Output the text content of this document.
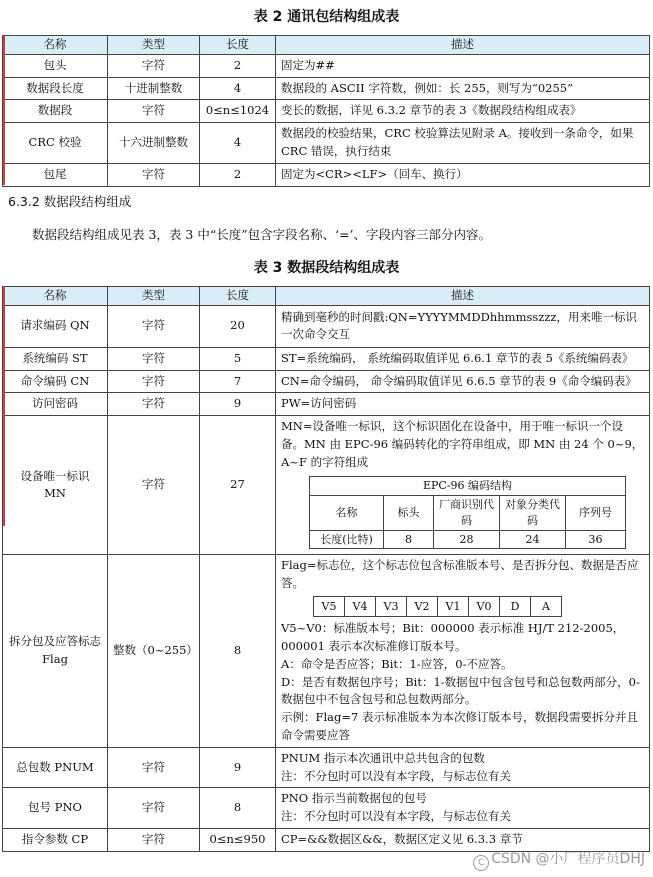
表 2 通讯包结构组成表
名称	类型	长度	描述
包头	字符	2	固定为##
数据段长度	十进制整数	4	数据段的 ASCII 字符数，例如：长 255，则写为“0255”
数据段	字符	0≤n≤1024	变长的数据，详见 6.3.2 章节的表 3《数据段结构组成表》
CRC 校验	十六进制整数	4	数据段的校验结果，CRC 校验算法见附录 A。接收到一条命令，如果 CRC 错误，执行结束
包尾	字符	2	固定为<CR><LF>（回车、换行）
6.3.2 数据段结构组成
数据段结构组成见表 3，表 3 中“长度”包含字段名称、‘=’、字段内容三部分内容。
表 3 数据段结构组成表
名称	类型	长度	描述
请求编码 QN	字符	20	精确到毫秒的时间戳:QN=YYYYMMDDhhmmsszzz，用来唯一标识一次命令交互
系统编码 ST	字符	5	ST=系统编码， 系统编码取值详见 6.6.1 章节的表 5《系统编码表》
命令编码 CN	字符	7	CN=命令编码， 命令编码取值详见 6.6.5 章节的表 9《命令编码表》
访问密码	字符	9	PW=访问密码
设备唯一标识 MN	字符	27	
MN=设备唯一标识，这个标识固化在设备中，用于唯一标识一个设备。MN 由 EPC-96 编码转化的字符串组成，即 MN 由 24 个 0~9，A~F 的字符组成
EPC-96 编码结构
名称	标头	厂商识别代码	对象分类代码	序列号
长度(比特)	8	28	24	36

拆分包及应答标志 Flag	整数（0~255）	8	
Flag=标志位，这个标志位包含标准版本号、是否拆分包、数据是否应答。
V5	V4	V3	V2	V1	V0	D	A
V5~V0：标准版本号；Bit：000000 表示标准 HJ/T 212-2005，000001 表示本次标准修订版本号。
A：命令是否应答；Bit：1-应答，0-不应答。
D：是否有数据包序号；Bit：1-数据包中包含包号和总包数两部分，0-数据包中不包含包号和总包数两部分。
示例：Flag=7 表示标准版本为本次修订版本号，数据段需要拆分并且命令需要应答

总包数 PNUM	字符	9	
PNUM 指示本次通讯中总共包含的包数
注：不分包时可以没有本字段，与标志位有关

包号 PNO	字符	8	
PNO 指示当前数据包的包号
注：不分包时可以没有本字段，与标志位有关

指令参数 CP	字符	0≤n≤950	CP=&&数据区&&，数据区定义见 6.3.3 章节
C CSDN @小厂程序员DHJ
